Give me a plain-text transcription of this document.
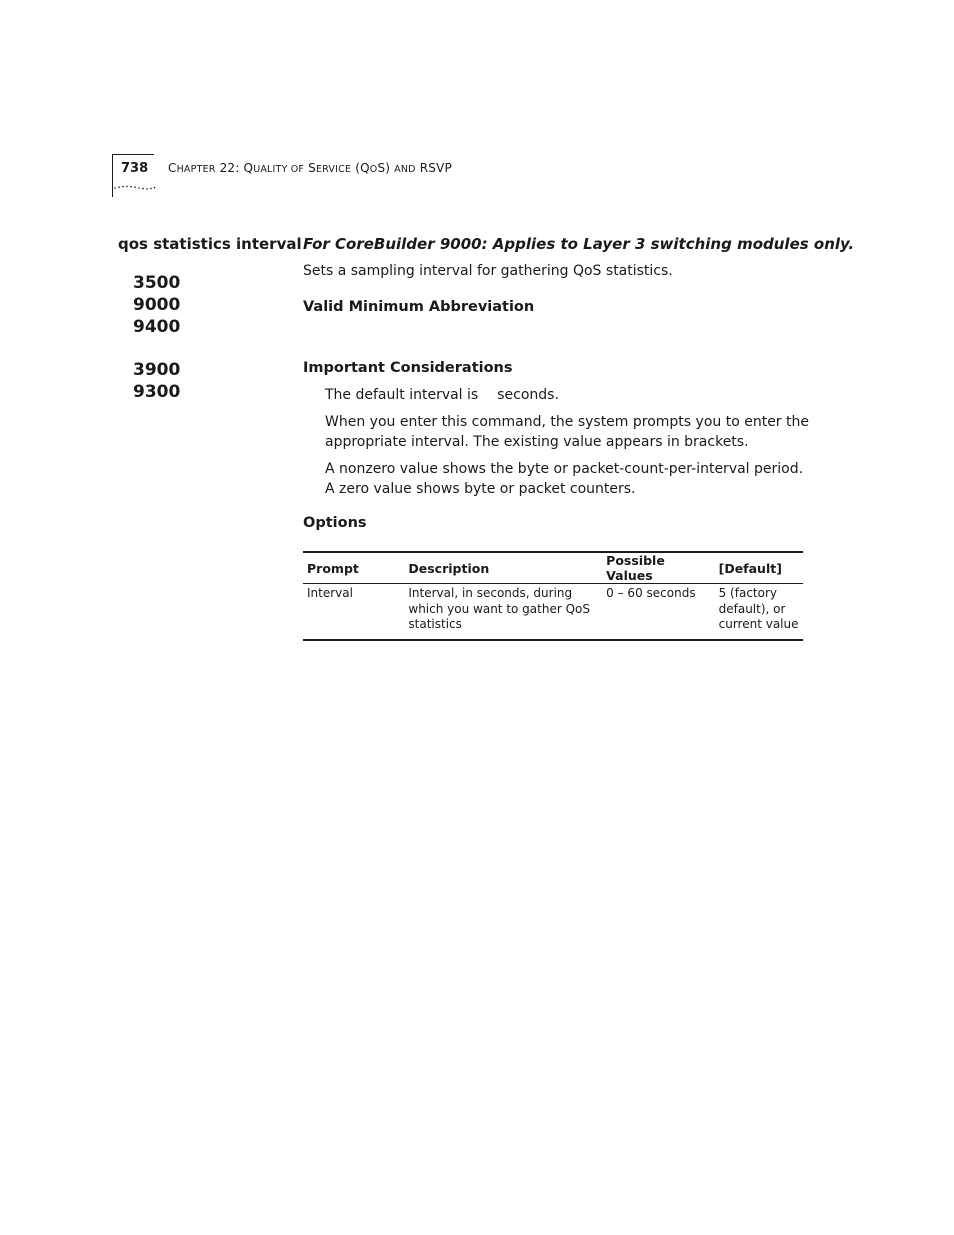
738 CHAPTER 22: QUALITY OF SERVICE (QOS) AND RSVP
qos statistics interval
3500
9000
9400
3900
9300
For CoreBuilder 9000: Applies to Layer 3 switching modules only.
Sets a sampling interval for gathering QoS statistics.
Valid Minimum Abbreviation
Important Considerations
The default interval is seconds.
When you enter this command, the system prompts you to enter the appropriate interval. The existing value appears in brackets.
A nonzero value shows the byte or packet-count-per-interval period. A zero value shows byte or packet counters.
Options
Prompt	Description	Possible Values	[Default]
Interval	Interval, in seconds, during which you want to gather QoS statistics	0 – 60 seconds	5 (factory default), or current value
